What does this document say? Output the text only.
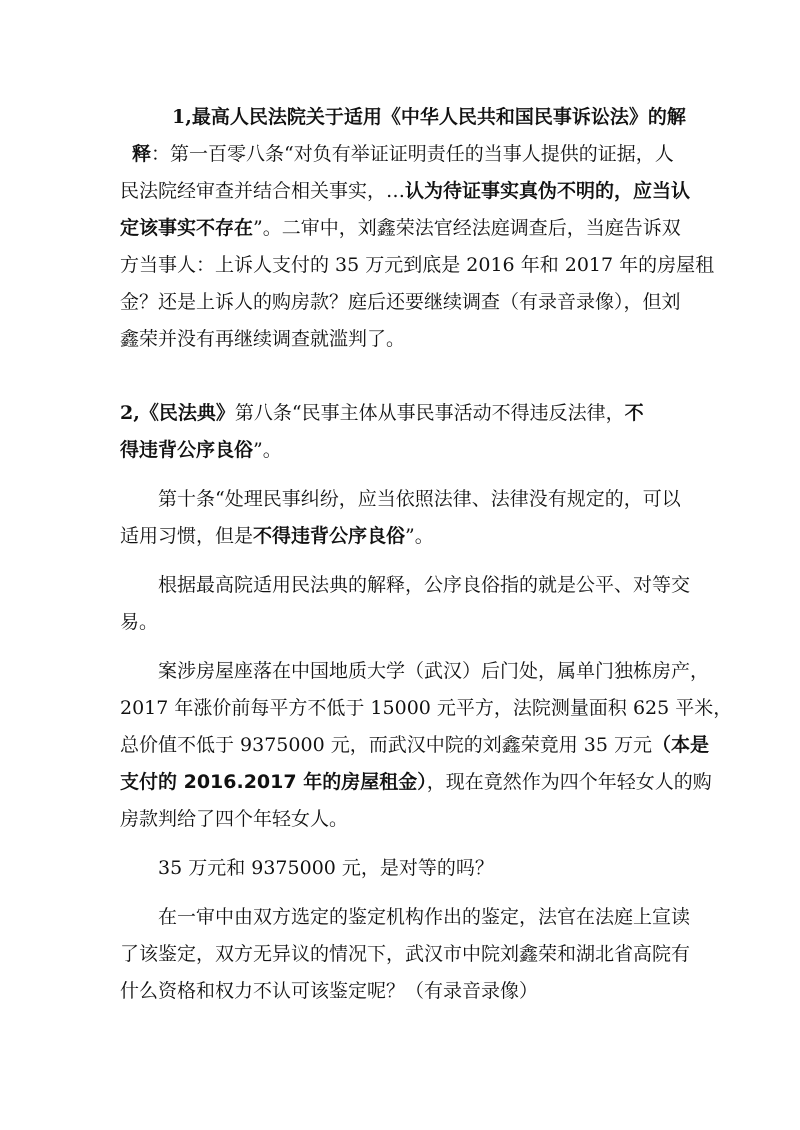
1,最高人民法院关于适用《中华人民共和国民事诉讼法》的解
释：第一百零八条“对负有举证证明责任的当事人提供的证据，人
民法院经审查并结合相关事实，…认为待证事实真伪不明的，应当认
定该事实不存在”。二审中，刘鑫荣法官经法庭调查后，当庭告诉双
方当事人：上诉人支付的 35 万元到底是 2016 年和 2017 年的房屋租
金？还是上诉人的购房款？庭后还要继续调查（有录音录像），但刘
鑫荣并没有再继续调查就滥判了。
2,《民法典》第八条“民事主体从事民事活动不得违反法律，不
得违背公序良俗”。
第十条“处理民事纠纷，应当依照法律、法律没有规定的，可以
适用习惯，但是不得违背公序良俗”。
根据最高院适用民法典的解释，公序良俗指的就是公平、对等交
易。
案涉房屋座落在中国地质大学（武汉）后门处，属单门独栋房产，
2017 年涨价前每平方不低于 15000 元平方，法院测量面积 625 平米，
总价值不低于 9375000 元，而武汉中院的刘鑫荣竟用 35 万元（本是
支付的 2016.2017 年的房屋租金），现在竟然作为四个年轻女人的购
房款判给了四个年轻女人。
35 万元和 9375000 元，是对等的吗？
在一审中由双方选定的鉴定机构作出的鉴定，法官在法庭上宣读
了该鉴定，双方无异议的情况下，武汉市中院刘鑫荣和湖北省高院有
什么资格和权力不认可该鉴定呢？（有录音录像）
